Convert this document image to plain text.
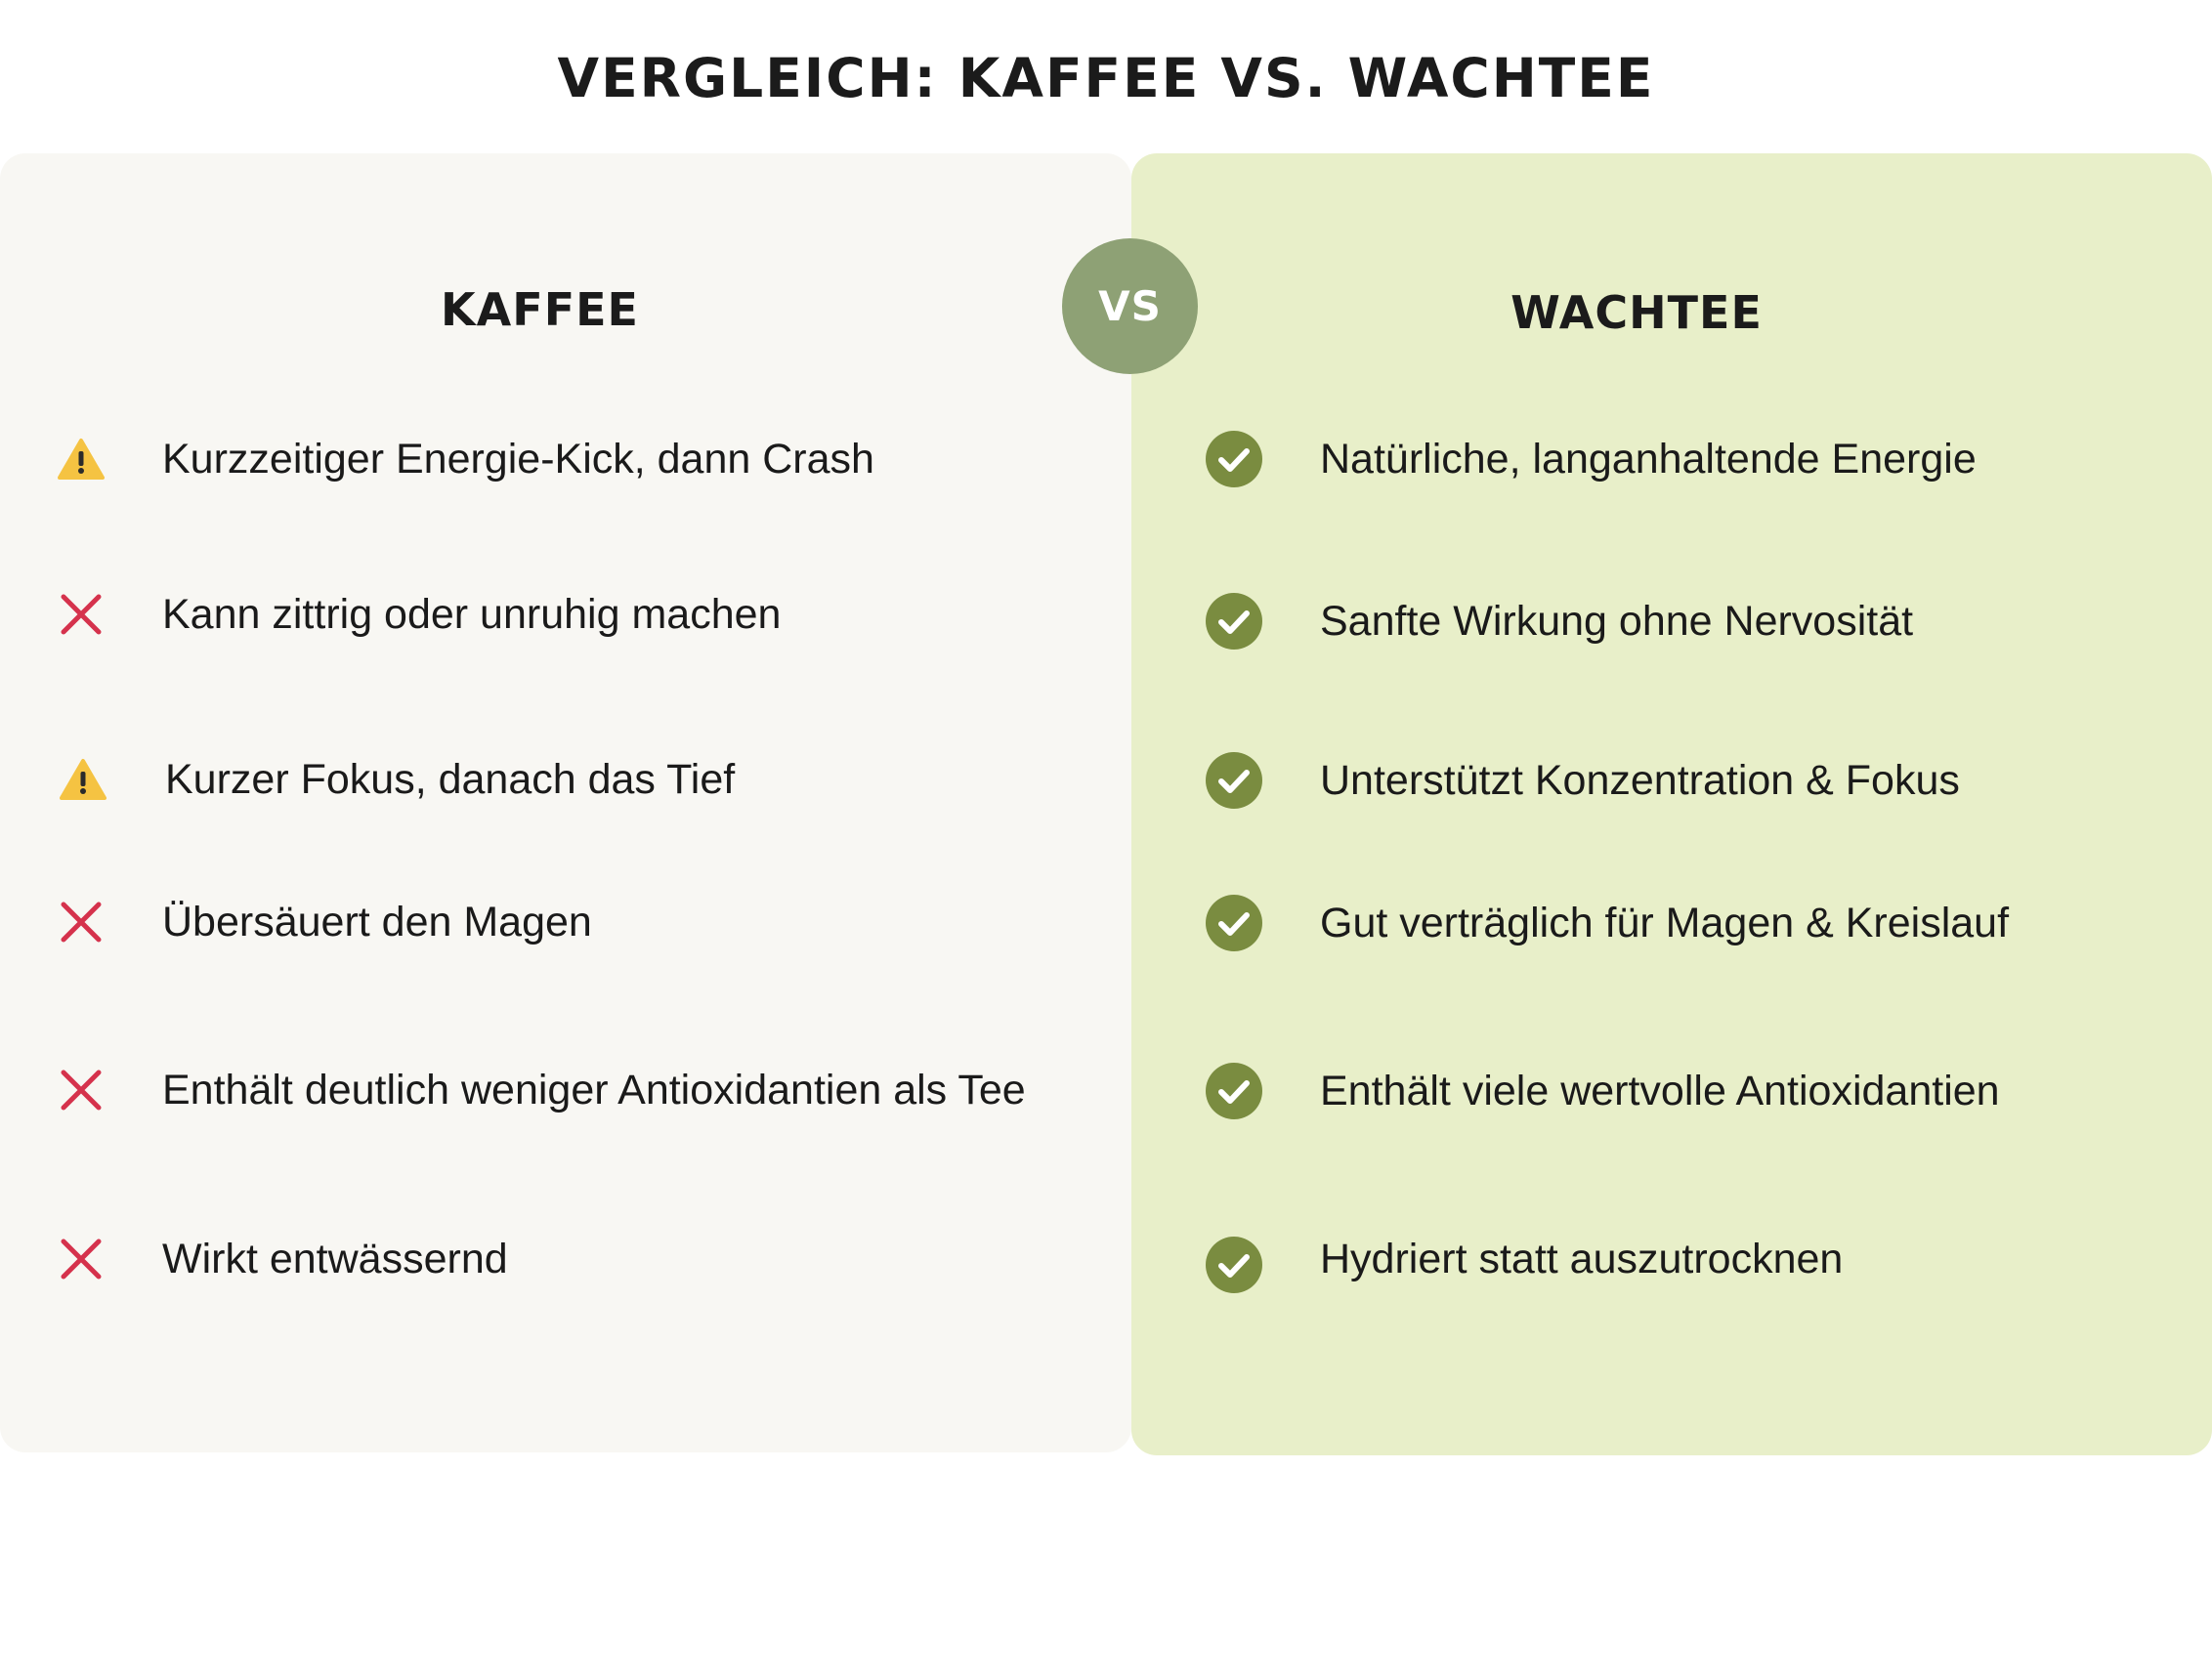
VERGLEICH: KAFFEE VS. WACHTEE
KAFFEE
Kurzzeitiger Energie-Kick, dann Crash
Kann zittrig oder unruhig machen
Kurzer Fokus, danach das Tief
Übersäuert den Magen
Enthält deutlich weniger Antioxidantien als Tee
Wirkt entwässernd
WACHTEE
Natürliche, langanhaltende Energie
Sanfte Wirkung ohne Nervosität
Unterstützt Konzentration & Fokus
Gut verträglich für Magen & Kreislauf
Enthält viele wertvolle Antioxidantien
Hydriert statt auszutrocknen
VS
